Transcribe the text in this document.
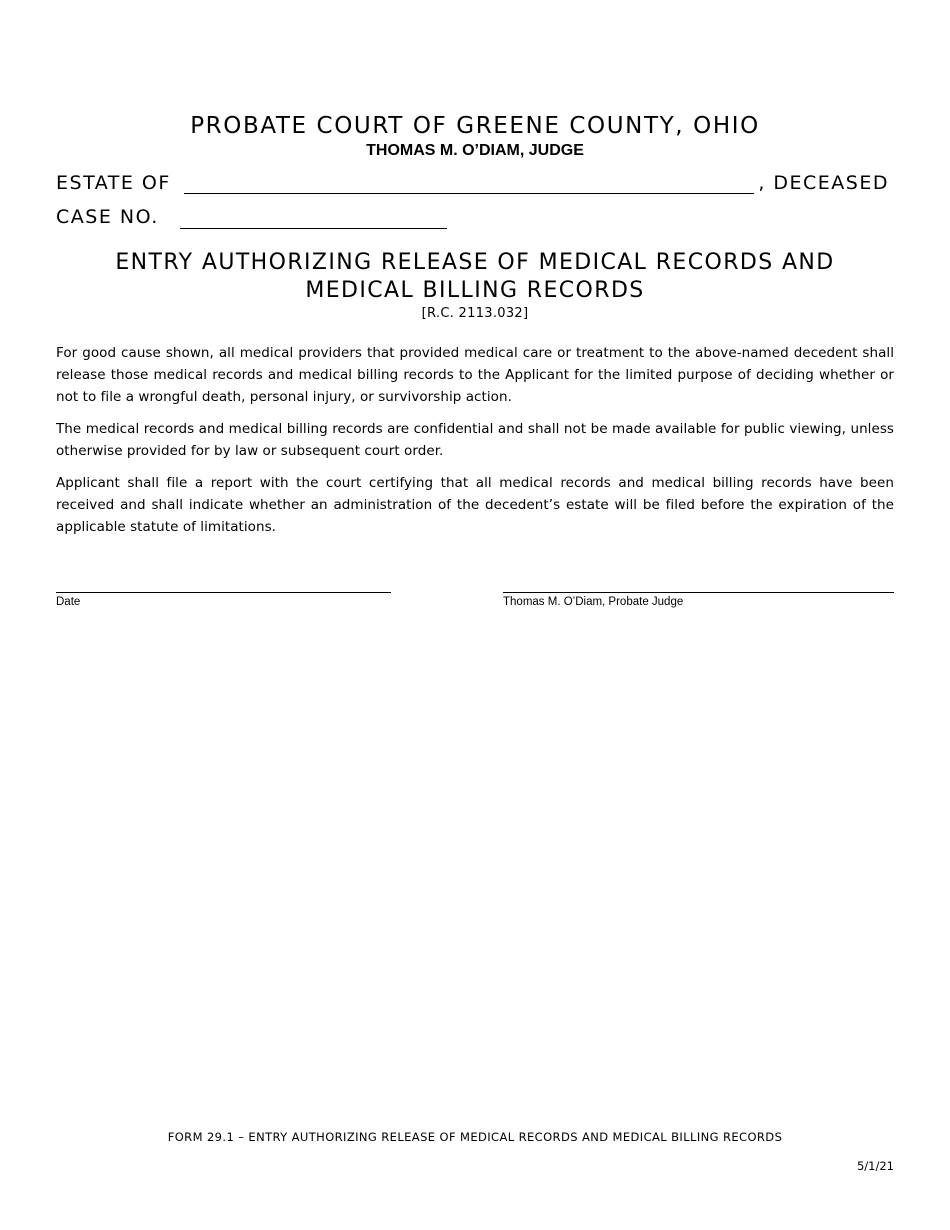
PROBATE COURT OF GREENE COUNTY, OHIO
THOMAS M. O’DIAM, JUDGE
ESTATE OF	, DECEASED
CASE NO.
ENTRY AUTHORIZING RELEASE OF MEDICAL RECORDS AND MEDICAL BILLING RECORDS
[R.C. 2113.032]

For good cause shown, all medical providers that provided medical care or treatment to the above-named decedent shall release those medical records and medical billing records to the Applicant for the limited purpose of deciding whether or not to file a wrongful death, personal injury, or survivorship action.

The medical records and medical billing records are confidential and shall not be made available for public viewing, unless otherwise provided for by law or subsequent court order.

Applicant shall file a report with the court certifying that all medical records and medical billing records have been received and shall indicate whether an administration of the decedent’s estate will be filed before the expiration of the applicable statute of limitations.

Date	Thomas M. O’Diam, Probate Judge
FORM 29.1 – ENTRY AUTHORIZING RELEASE OF MEDICAL RECORDS AND MEDICAL BILLING RECORDS
5/1/21
